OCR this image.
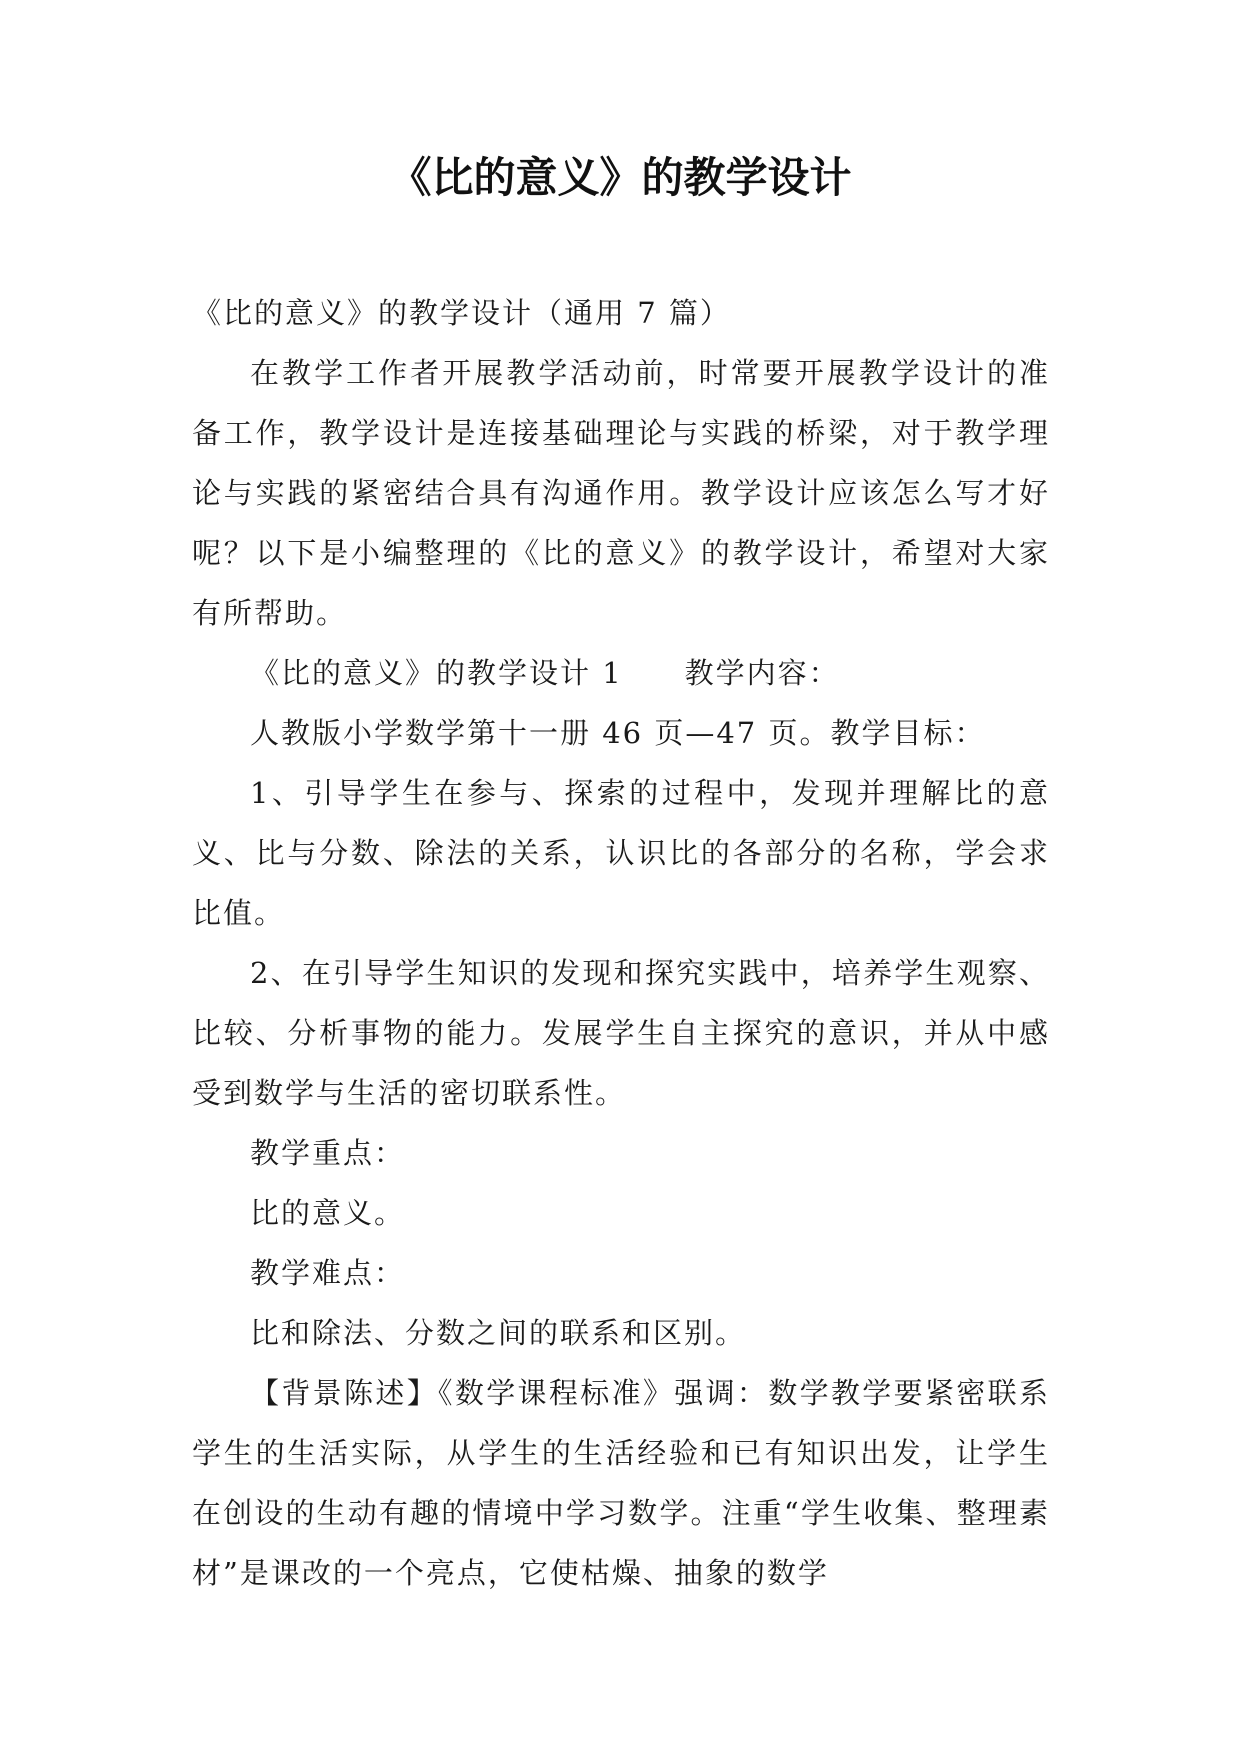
《比的意义》的教学设计

《比的意义》的教学设计（通用 7 篇）

在教学工作者开展教学活动前，时常要开展教学设计的准备工作，教学设计是连接基础理论与实践的桥梁，对于教学理论与实践的紧密结合具有沟通作用。教学设计应该怎么写才好呢？以下是小编整理的《比的意义》的教学设计，希望对大家有所帮助。

《比的意义》的教学设计 1　　教学内容：

人教版小学数学第十一册 46 页—47 页。教学目标：

1、引导学生在参与、探索的过程中，发现并理解比的意义、比与分数、除法的关系，认识比的各部分的名称，学会求比值。

2、在引导学生知识的发现和探究实践中，培养学生观察、比较、分析事物的能力。发展学生自主探究的意识，并从中感受到数学与生活的密切联系性。

教学重点：

比的意义。

教学难点：

比和除法、分数之间的联系和区别。

【背景陈述】《数学课程标准》强调：数学教学要紧密联系学生的生活实际，从学生的生活经验和已有知识出发，让学生在创设的生动有趣的情境中学习数学。注重“学生收集、整理素材”是课改的一个亮点，它使枯燥、抽象的数学
